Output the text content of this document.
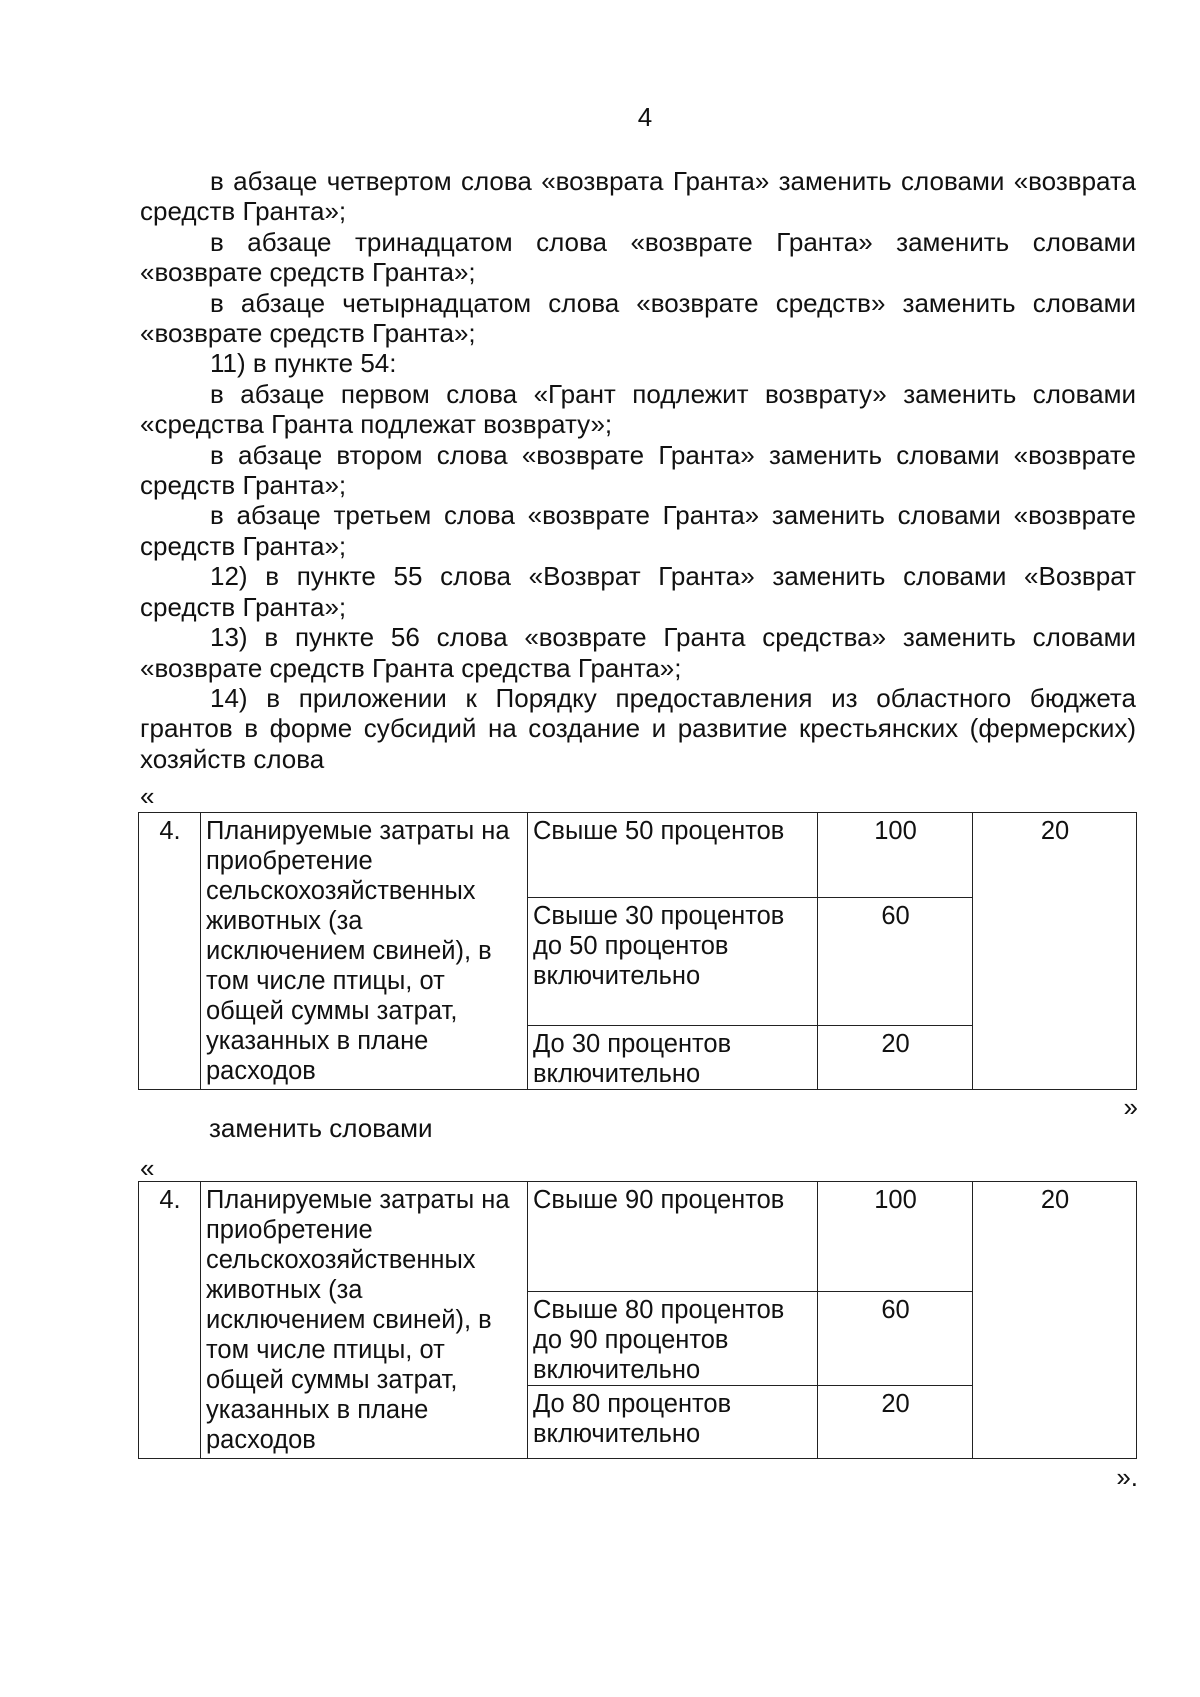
4

в абзаце четвертом слова «возврата Гранта» заменить словами «возврата средств Гранта»;

в абзаце тринадцатом слова «возврате Гранта» заменить словами «возврате средств Гранта»;

в абзаце четырнадцатом слова «возврате средств» заменить словами «возврате средств Гранта»;

11) в пункте 54:

в абзаце первом слова «Грант подлежит возврату» заменить словами «средства Гранта подлежат возврату»;

в абзаце втором слова «возврате Гранта» заменить словами «возврате средств Гранта»;

в абзаце третьем слова «возврате Гранта» заменить словами «возврате средств Гранта»;

12) в пункте 55 слова «Возврат Гранта» заменить словами «Возврат средств Гранта»;

13) в пункте 56 слова «возврате Гранта средства» заменить словами «возврате средств Гранта средства Гранта»;

14) в приложении к Порядку предоставления из областного бюджета грантов в форме субсидий на создание и развитие крестьянских (фермерских) хозяйств слова

«
4.	Планируемые затраты на приобретение сельскохозяйственных животных (за исключением свиней), в том числе птицы, от общей суммы затрат, указанных в плане расходов	Свыше 50 процентов	100	20
		Свыше 30 процентов до 50 процентов включительно	60	
		До 30 процентов включительно	20	
»
заменить словами
«
4.	Планируемые затраты на приобретение сельскохозяйственных животных (за исключением свиней), в том числе птицы, от общей суммы затрат, указанных в плане расходов	Свыше 90 процентов	100	20
		Свыше 80 процентов до 90 процентов включительно	60	
		До 80 процентов включительно	20	
».
